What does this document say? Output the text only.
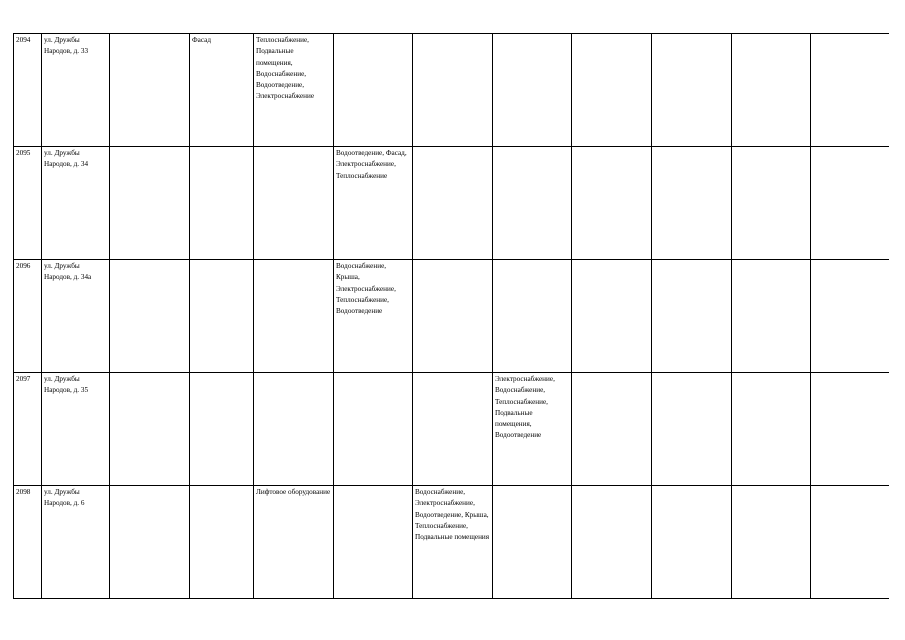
2094	ул. Дружбы Народов, д. 33		Фасад	Теплоснабжение, Подвальные помещения, Водоснабжение, Водоотведение, Электроснабжение							

2095	ул. Дружбы Народов, д. 34				Водоотведение, Фасад, Электроснабжение, Теплоснабжение						

2096	ул. Дружбы Народов, д. 34а				Водоснабжение, Крыша, Электроснабжение, Теплоснабжение, Водоотведение						

2097	ул. Дружбы Народов, д. 35						Электроснабжение, Водоснабжение, Теплоснабжение, Подвальные помещения, Водоотведение				

2098	ул. Дружбы Народов, д. 6			Лифтовое оборудование		Водоснабжение, Электроснабжение, Водоотведение, Крыша, Теплоснабжение, Подвальные помещения					
